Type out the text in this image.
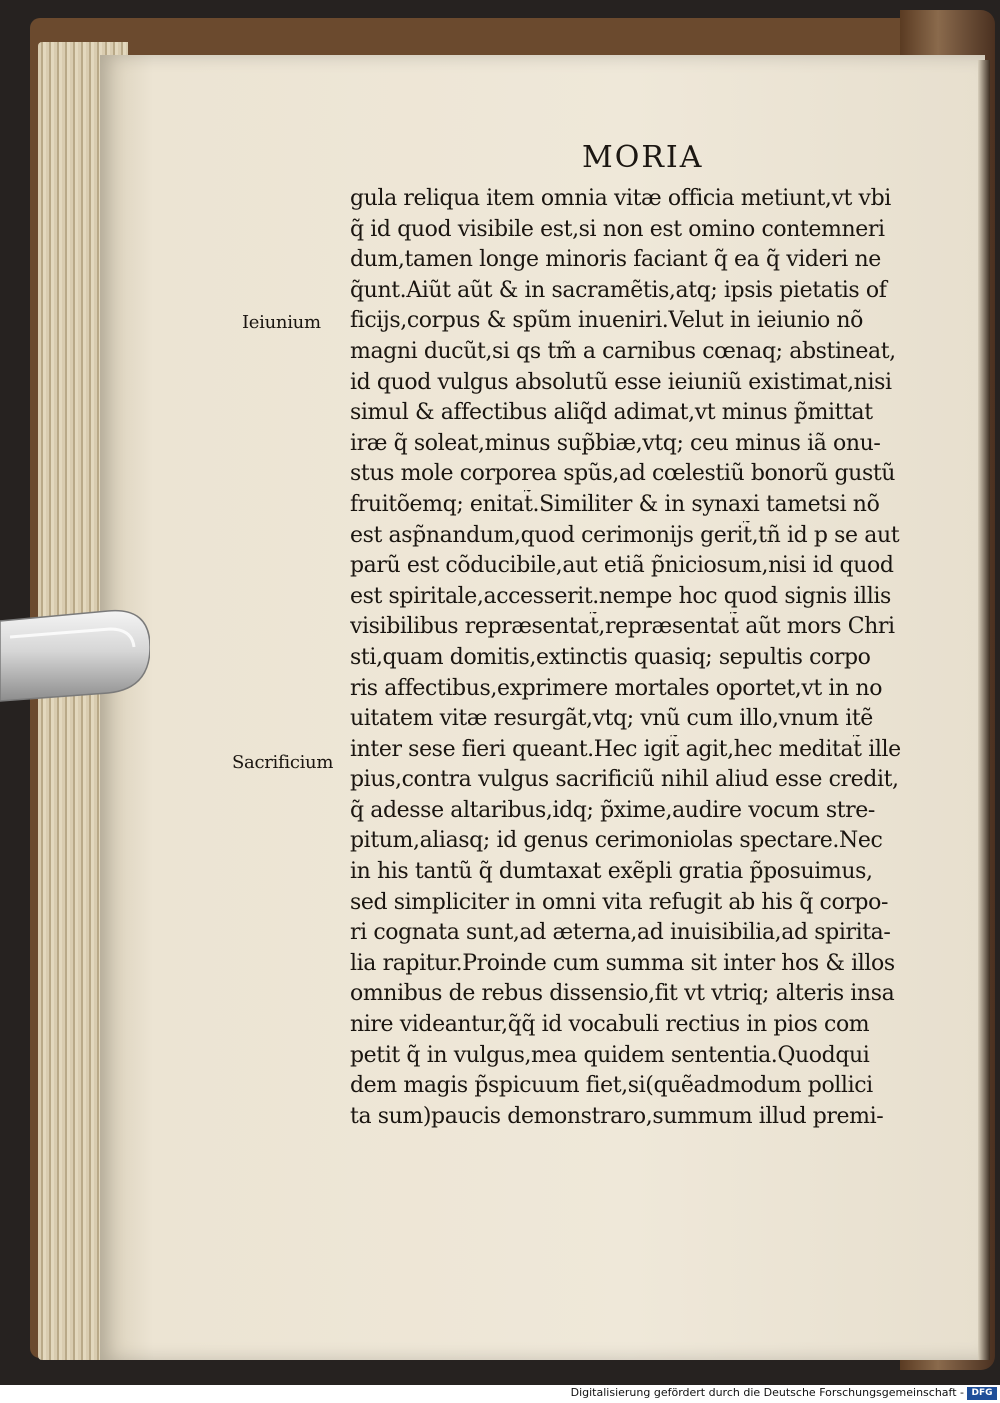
MORIA
gula reliqua item omnia vitæ officia metiunt,vt vbi
q̃ id quod visibile est,si non est omino contemneri
dum,tamen longe minoris faciant q̃ ea q̃ videri ne
q̃unt.Aiũt aũt & in sacramẽtis,atq; ipsis pietatis of
ficijs,corpus & spũm inueniri.Velut in ieiunio nõ
magni ducũt,si qs tm̃ a carnibus cœnaq; abstineat,
id quod vulgus absolutũ esse ieiuniũ existimat,nisi
simul & affectibus aliq̃d adimat,vt minus p̃mittat
iræ q̃ soleat,minus sup̃biæ,vtq; ceu minus iã onu-
stus mole corporea spũs,ad cœlestiũ bonorũ gustũ
fruitõemq; enitat̃.Similiter & in synaxi tametsi nõ
est asp̃nandum,quod cerimonijs gerit̃,tñ id p se aut
parũ est cõducibile,aut etiã p̃niciosum,nisi id quod
est spiritale,accesserit.nempe hoc quod signis illis
visibilibus repræsentat̃,repræsentat̃ aũt mors Chri
sti,quam domitis,extinctis quasiq; sepultis corpo
ris affectibus,exprimere mortales oportet,vt in no
uitatem vitæ resurgãt,vtq; vnũ cum illo,vnum itẽ
inter sese fieri queant.Hec igit̃ agit,hec meditat̃ ille
pius,contra vulgus sacrificiũ nihil aliud esse credit,
q̃ adesse altaribus,idq; p̃xime,audire vocum stre-
pitum,aliasq; id genus cerimoniolas spectare.Nec
in his tantũ q̃ dumtaxat exẽpli gratia p̃posuimus,
sed simpliciter in omni vita refugit ab his q̃ corpo-
ri cognata sunt,ad æterna,ad inuisibilia,ad spirita-
lia rapitur.Proinde cum summa sit inter hos & illos
omnibus de rebus dissensio,fit vt vtriq; alteris insa
nire videantur,q̃q̃ id vocabuli rectius in pios com
petit q̃ in vulgus,mea quidem sententia.Quodqui
dem magis p̃spicuum fiet,si(quẽadmodum pollici
ta sum)paucis demonstraro,summum illud premi-
Ieiunium
Sacrificium
Digitalisierung gefördert durch die Deutsche Forschungsgemeinschaft - DFG
